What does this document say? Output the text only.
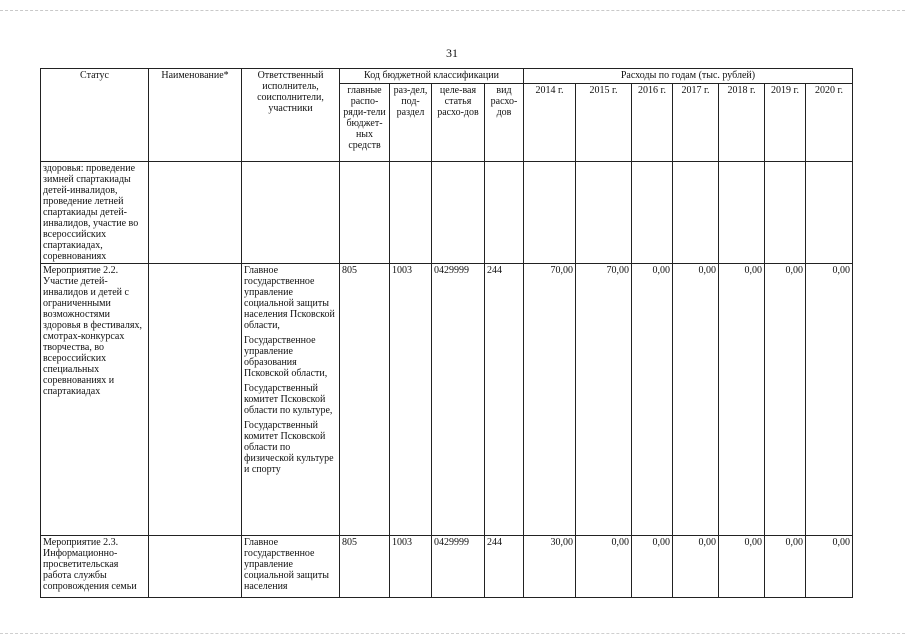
31
Статус	Наименование*	Ответственный исполнитель, соисполнители, участники	Код бюджетной классификации				Расходы по годам (тыс. рублей)						
			главные распо-ряди-тели бюджет-ных средств	раз-дел, под-раздел	целе-вая статья расхо-дов	вид расхо-дов	2014 г.	2015 г.	2016 г.	2017 г.	2018 г.	2019 г.	2020 г.
здоровья: проведение зимней спартакиады детей-инвалидов, проведение летней спартакиады детей-инвалидов, участие во всероссийских спартакиадах, соревнованиях													
Мероприятие 2.2. Участие детей-инвалидов и детей с ограниченными возможностями здоровья в фестивалях, смотрах-конкурсах творчества, во всероссийских специальных соревнованиях и спартакиадах		Главное государственное управление социальной защиты населения Псковской области,

Государственное управление образования Псковской области,

Государственный комитет Псковской области по культуре,

Государственный комитет Псковской области по физической культуре и спорту	805	1003	0429999	244	70,00	70,00	0,00	0,00	0,00	0,00	0,00
Мероприятие 2.3. Информационно-просветительская работа службы сопровождения семьи		Главное государственное управление социальной защиты населения	805	1003	0429999	244	30,00	0,00	0,00	0,00	0,00	0,00	0,00
